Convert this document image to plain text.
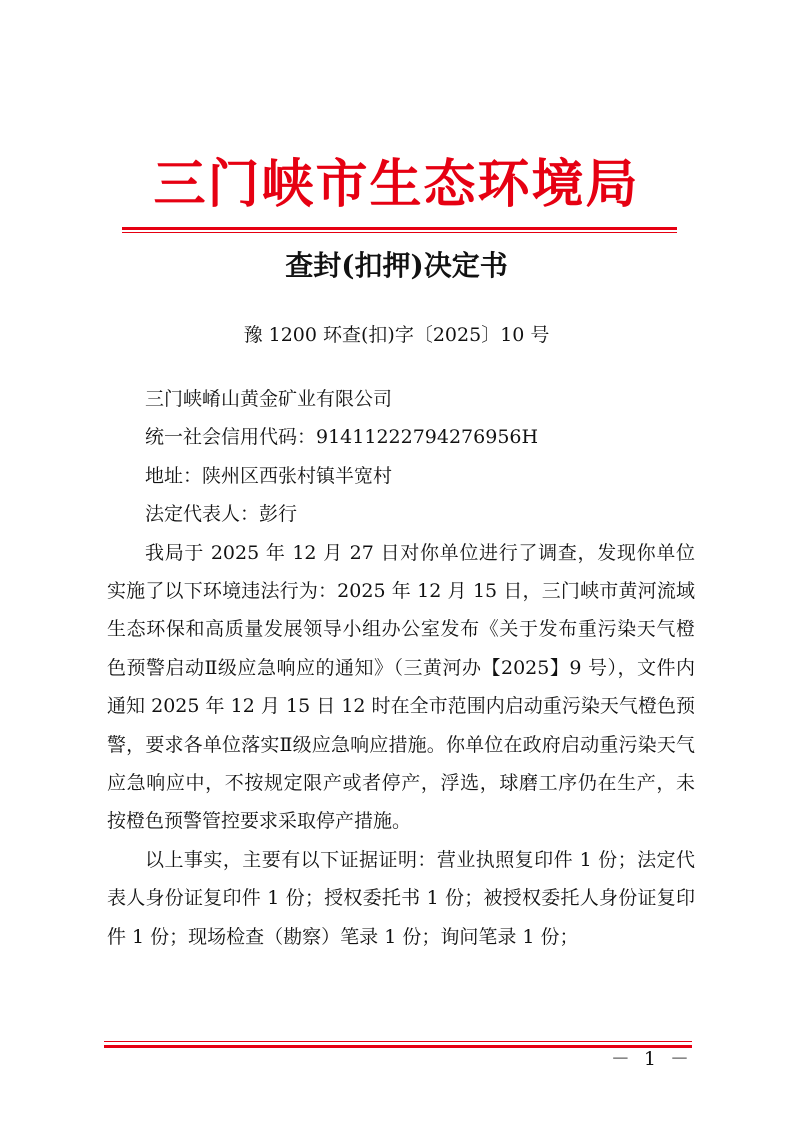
三门峡市生态环境局
查封(扣押)决定书
豫 1200 环查(扣)字〔2025〕10 号

三门峡崤山黄金矿业有限公司

统一社会信用代码：91411222794276956H

地址：陕州区西张村镇半宽村

法定代表人：彭行

我局于 2025 年 12 月 27 日对你单位进行了调查，发现你单位实施了以下环境违法行为：2025 年 12 月 15 日，三门峡市黄河流域生态环保和高质量发展领导小组办公室发布《关于发布重污染天气橙色预警启动Ⅱ级应急响应的通知》（三黄河办【2025】9 号），文件内通知 2025 年 12 月 15 日 12 时在全市范围内启动重污染天气橙色预警，要求各单位落实Ⅱ级应急响应措施。你单位在政府启动重污染天气应急响应中，不按规定限产或者停产，浮选，球磨工序仍在生产，未按橙色预警管控要求采取停产措施。

以上事实，主要有以下证据证明：营业执照复印件 1 份；法定代表人身份证复印件 1 份；授权委托书 1 份；被授权委托人身份证复印件 1 份；现场检查（勘察）笔录 1 份；询问笔录 1 份；

－ 1 －
